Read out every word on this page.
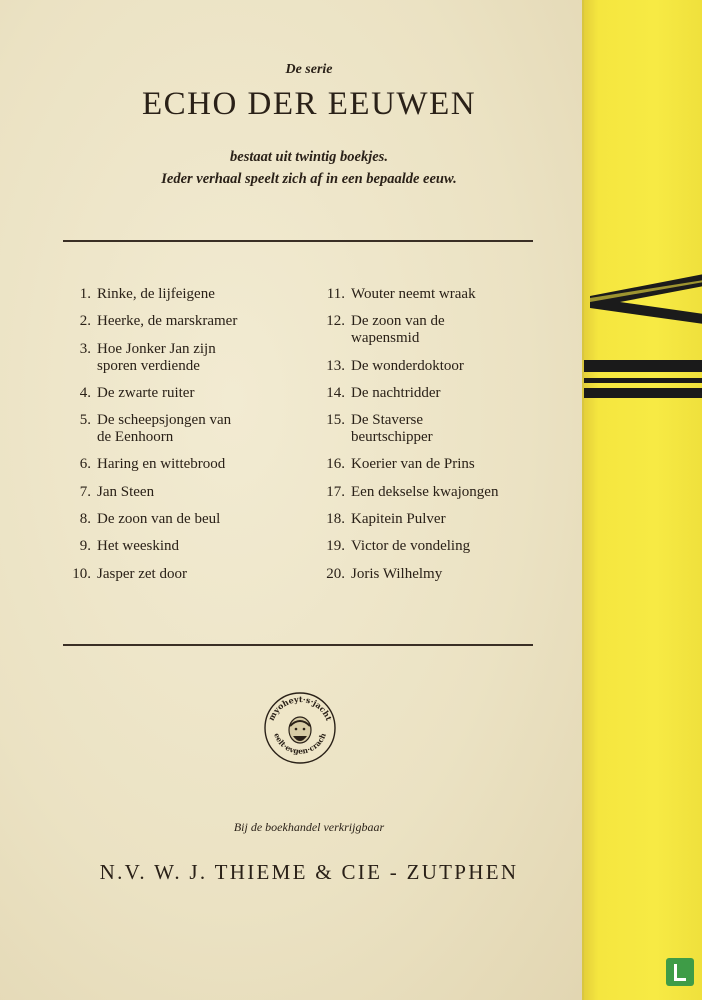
De serie
ECHO DER EEUWEN
bestaat uit twintig boekjes.
Ieder verhaal speelt zich af in een bepaalde eeuw.
1. Rinke, de lijfeigene
2. Heerke, de marskramer
3. Hoe Jonker Jan zijn
sporen verdiende
4. De zwarte ruiter
5. De scheepsjongen van
de Eenhoorn
6. Haring en wittebrood
7. Jan Steen
8. De zoon van de beul
9. Het weeskind
10. Jasper zet door
11. Wouter neemt wraak
12. De zoon van de
wapensmid
13. De wonderdoktoor
14. De nachtridder
15. De Staverse
beurtschipper
16. Koerier van de Prins
17. Een dekselse kwajongen
18. Kapitein Pulver
19. Victor de vondeling
20. Joris Wilhelmy
myoheyt·s·jacht
eelt·evgen·crach
Bij de boekhandel verkrijgbaar
N.V. W. J. THIEME & CIE - ZUTPHEN
